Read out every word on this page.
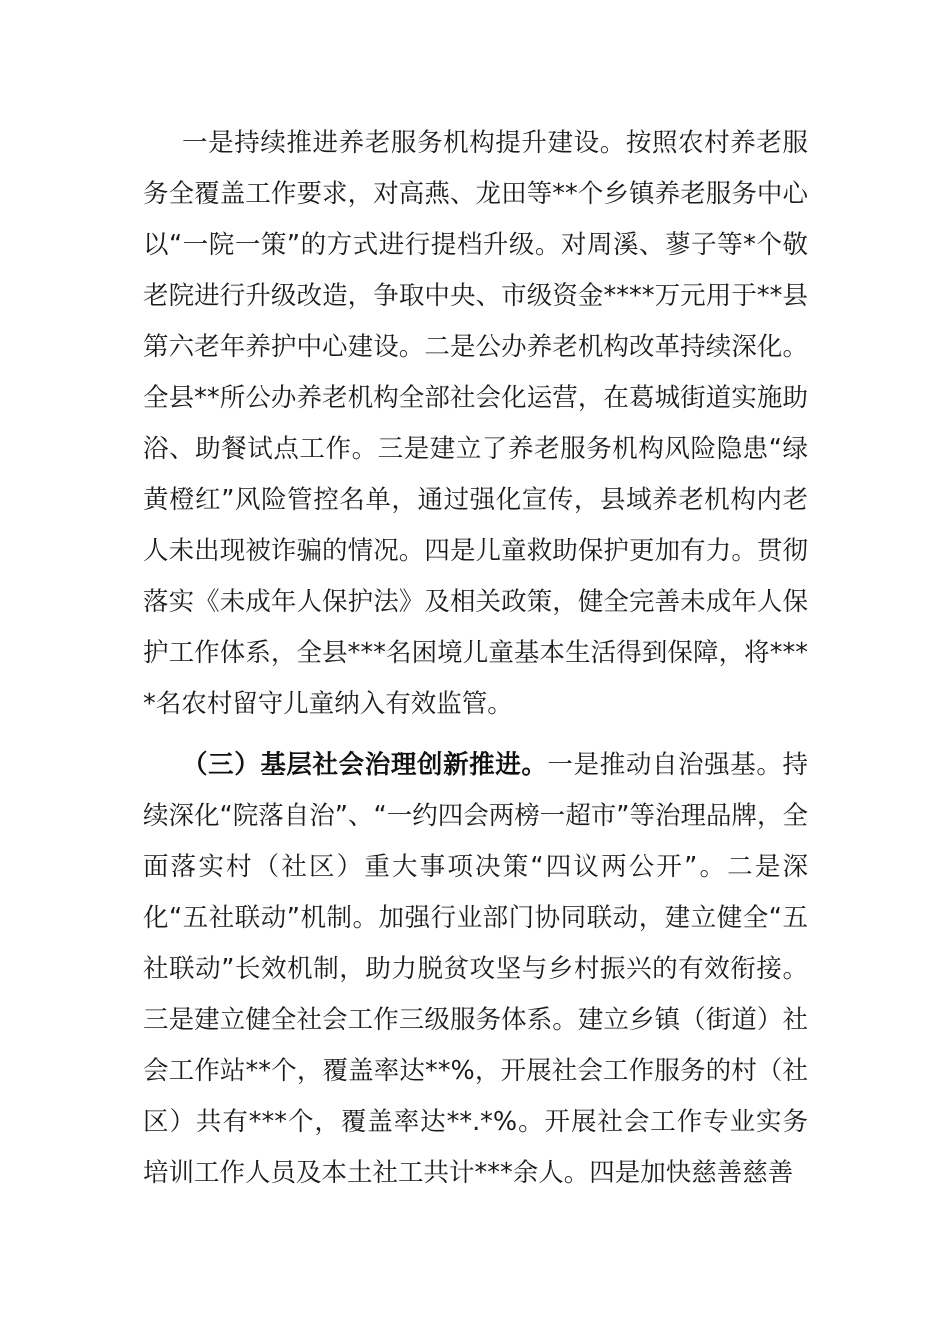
一是持续推进养老服务机构提升建设。按照农村养老服务全覆盖工作要求，对高燕、龙田等**个乡镇养老服务中心以“一院一策”的方式进行提档升级。对周溪、蓼子等*个敬老院进行升级改造，争取中央、市级资金****万元用于**县第六老年养护中心建设。二是公办养老机构改革持续深化。全县**所公办养老机构全部社会化运营，在葛城街道实施助浴、助餐试点工作。三是建立了养老服务机构风险隐患“绿黄橙红”风险管控名单，通过强化宣传，县域养老机构内老人未出现被诈骗的情况。四是儿童救助保护更加有力。贯彻落实《未成年人保护法》及相关政策，健全完善未成年人保护工作体系，全县***名困境儿童基本生活得到保障，将****名农村留守儿童纳入有效监管。

（三）基层社会治理创新推进。一是推动自治强基。持续深化“院落自治”、“一约四会两榜一超市”等治理品牌，全面落实村（社区）重大事项决策“四议两公开”。二是深化“五社联动”机制。加强行业部门协同联动，建立健全“五社联动”长效机制，助力脱贫攻坚与乡村振兴的有效衔接。三是建立健全社会工作三级服务体系。建立乡镇（街道）社会工作站**个，覆盖率达**%，开展社会工作服务的村（社区）共有***个，覆盖率达**.*%。开展社会工作专业实务培训工作人员及本土社工共计***余人。四是加快慈善慈善
